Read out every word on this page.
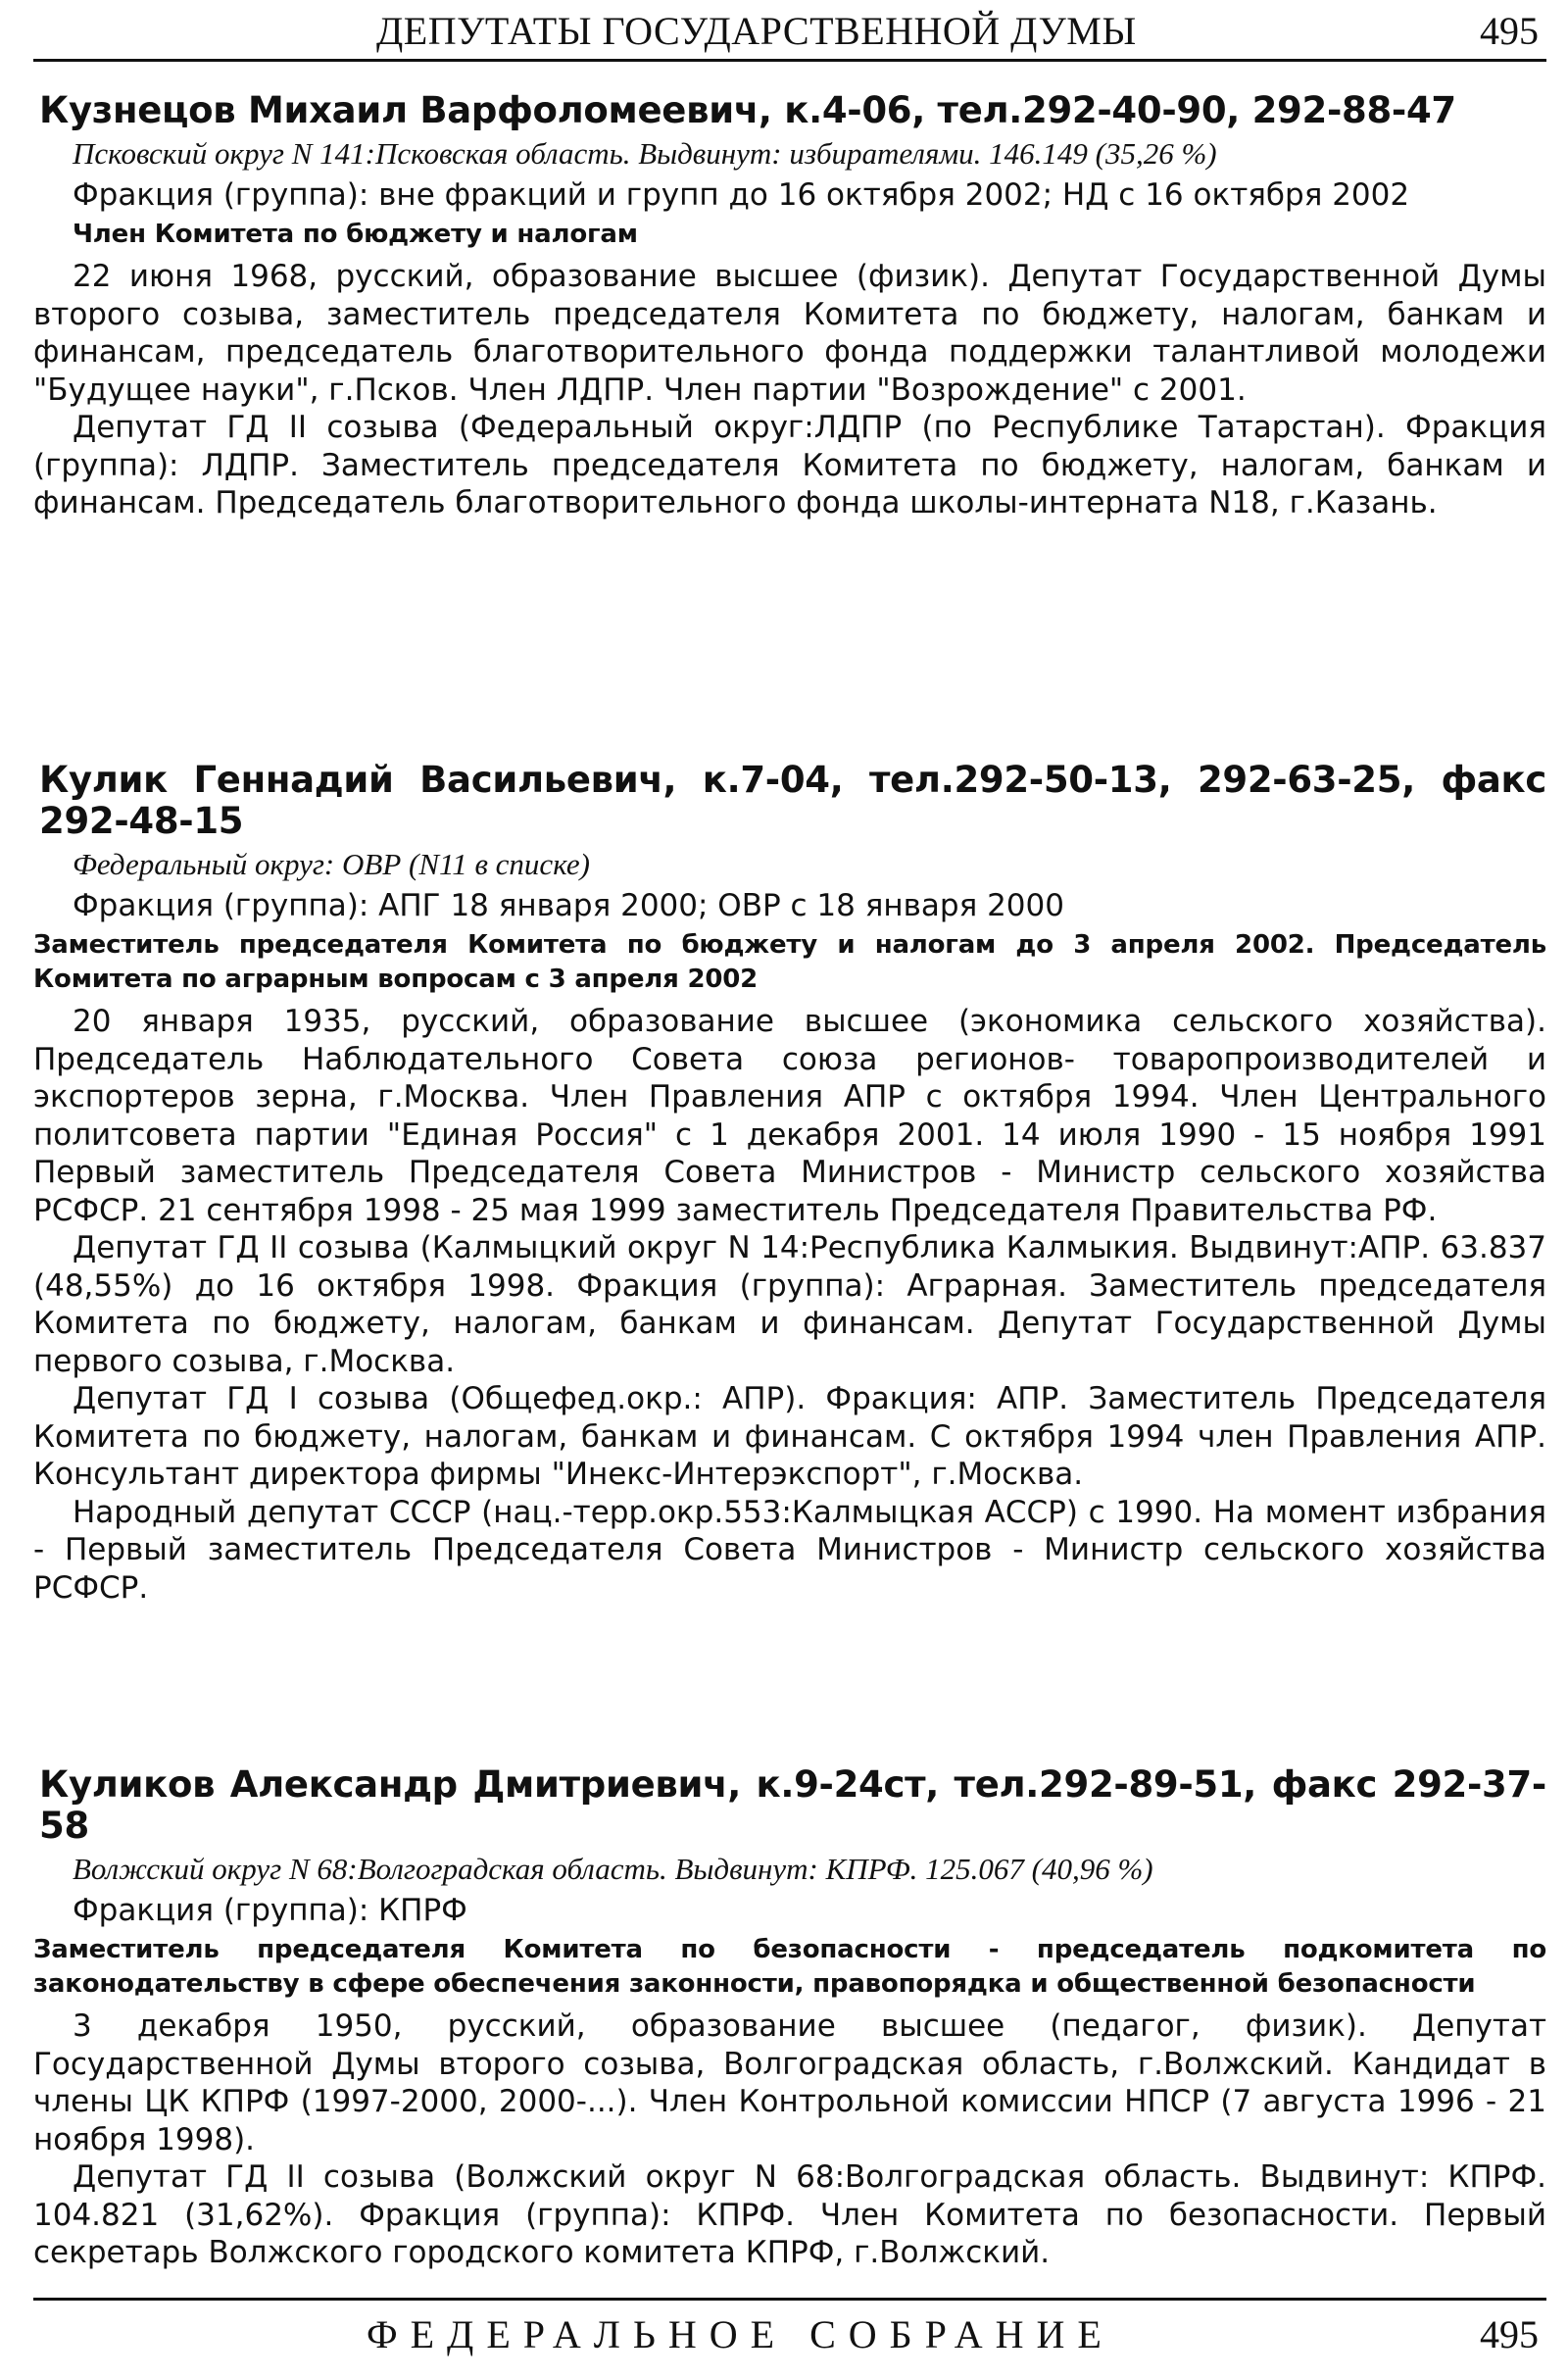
ДЕПУТАТЫ ГОСУДАРСТВЕННОЙ ДУМЫ	495

Кузнецов Михаил Варфоломеевич, к.4-06, тел.292-40-90, 292-88-47

Псковский округ N 141:Псковская область. Выдвинут: избирателями. 146.149 (35,26 %)

Фракция (группа): вне фракций и групп до 16 октября 2002; НД с 16 октября 2002

Член Комитета по бюджету и налогам

22 июня 1968, русский, образование высшее (физик). Депутат Государственной Думы второго созыва, заместитель председателя Комитета по бюджету, налогам, банкам и финансам, председатель благотворительного фонда поддержки талантливой молодежи "Будущее науки", г.Псков. Член ЛДПР. Член партии "Возрождение" с 2001.

Депутат ГД II созыва (Федеральный округ:ЛДПР (по Республике Татарстан). Фракция (группа): ЛДПР. Заместитель председателя Комитета по бюджету, налогам, банкам и финансам. Председатель благотворительного фонда школы-интерната N18, г.Казань.

Кулик Геннадий Васильевич, к.7-04, тел.292-50-13, 292-63-25, факс 292-48-15

Федеральный округ: ОВР (N11 в списке)

Фракция (группа): АПГ 18 января 2000; ОВР с 18 января 2000

Заместитель председателя Комитета по бюджету и налогам до 3 апреля 2002. Председатель Комитета по аграрным вопросам с 3 апреля 2002

20 января 1935, русский, образование высшее (экономика сельского хозяйства). Председатель Наблюдательного Совета союза регионов- товаропроизводителей и экспортеров зерна, г.Москва. Член Правления АПР с октября 1994. Член Центрального политсовета партии "Единая Россия" с 1 декабря 2001. 14 июля 1990 - 15 ноября 1991 Первый заместитель Председателя Совета Министров - Министр сельского хозяйства РСФСР. 21 сентября 1998 - 25 мая 1999 заместитель Председателя Правительства РФ.

Депутат ГД II созыва (Калмыцкий округ N 14:Республика Калмыкия. Выдвинут:АПР. 63.837 (48,55%) до 16 октября 1998. Фракция (группа): Аграрная. Заместитель председателя Комитета по бюджету, налогам, банкам и финансам. Депутат Государственной Думы первого созыва, г.Москва.

Депутат ГД I созыва (Общефед.окр.: АПР). Фракция: АПР. Заместитель Председателя Комитета по бюджету, налогам, банкам и финансам. С октября 1994 член Правления АПР. Консультант директора фирмы "Инекс-Интерэкспорт", г.Москва.

Народный депутат СССР (нац.-терр.окр.553:Калмыцкая АССР) с 1990. На момент избрания - Первый заместитель Председателя Совета Министров - Министр сельского хозяйства РСФСР.

Куликов Александр Дмитриевич, к.9-24ст, тел.292-89-51, факс 292-37-58

Волжский округ N 68:Волгоградская область. Выдвинут: КПРФ. 125.067 (40,96 %)

Фракция (группа): КПРФ

Заместитель председателя Комитета по безопасности - председатель подкомитета по законодательству в сфере обеспечения законности, правопорядка и общественной безопасности

3 декабря 1950, русский, образование высшее (педагог, физик). Депутат Государственной Думы второго созыва, Волгоградская область, г.Волжский. Кандидат в члены ЦК КПРФ (1997-2000, 2000-...). Член Контрольной комиссии НПСР (7 августа 1996 - 21 ноября 1998).

Депутат ГД II созыва (Волжский округ N 68:Волгоградская область. Выдвинут: КПРФ. 104.821 (31,62%). Фракция (группа): КПРФ. Член Комитета по безопасности. Первый секретарь Волжского городского комитета КПРФ, г.Волжский.

ФЕДЕРАЛЬНОЕ СОБРАНИЕ	495
